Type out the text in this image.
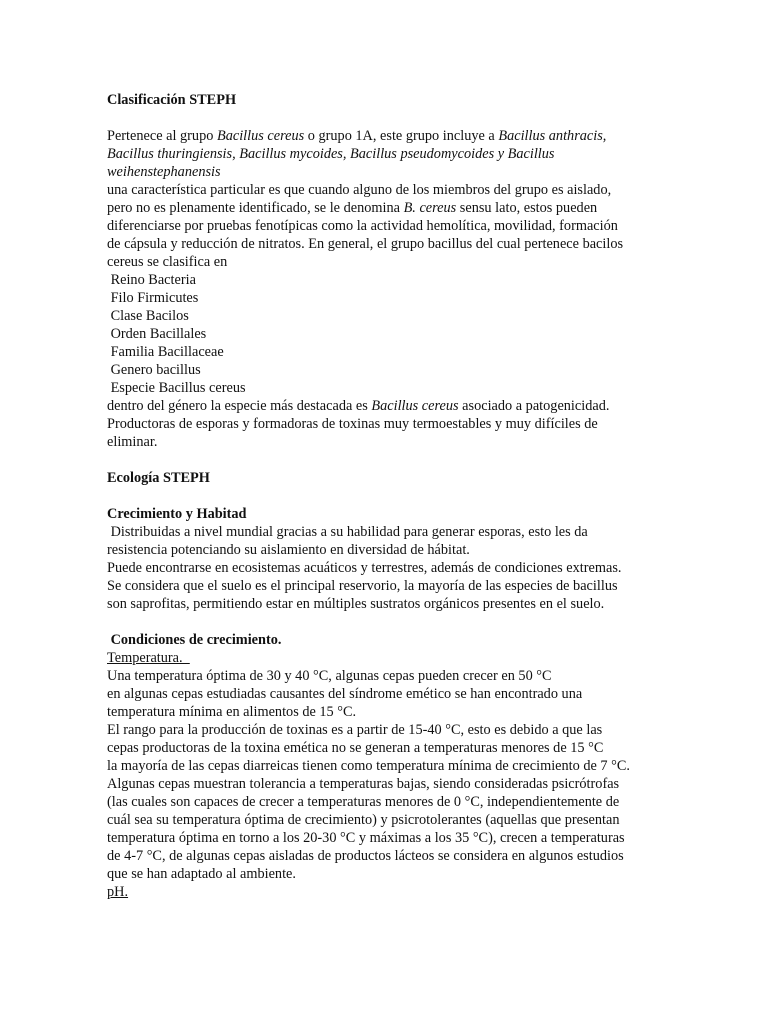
Clasificación STEPH
Pertenece al grupo Bacillus cereus o grupo 1A, este grupo incluye a Bacillus anthracis,
Bacillus thuringiensis, Bacillus mycoides, Bacillus pseudomycoides y Bacillus
weihenstephanensis
una característica particular es que cuando alguno de los miembros del grupo es aislado,
pero no es plenamente identificado, se le denomina B. cereus sensu lato, estos pueden
diferenciarse por pruebas fenotípicas como la actividad hemolítica, movilidad, formación
de cápsula y reducción de nitratos. En general, el grupo bacillus del cual pertenece bacilos
cereus se clasifica en
Reino Bacteria
Filo Firmicutes
Clase Bacilos
Orden Bacillales
Familia Bacillaceae
Genero bacillus
Especie Bacillus cereus
dentro del género la especie más destacada es Bacillus cereus asociado a patogenicidad.
Productoras de esporas y formadoras de toxinas muy termoestables y muy difíciles de
eliminar.
Ecología STEPH
Crecimiento y Habitad
Distribuidas a nivel mundial gracias a su habilidad para generar esporas, esto les da
resistencia potenciando su aislamiento en diversidad de hábitat.
Puede encontrarse en ecosistemas acuáticos y terrestres, además de condiciones extremas.
Se considera que el suelo es el principal reservorio, la mayoría de las especies de bacillus
son saprofitas, permitiendo estar en múltiples sustratos orgánicos presentes en el suelo.
Condiciones de crecimiento.
Temperatura.
Una temperatura óptima de 30 y 40 °C, algunas cepas pueden crecer en 50 °C
en algunas cepas estudiadas causantes del síndrome emético se han encontrado una
temperatura mínima en alimentos de 15 °C.
El rango para la producción de toxinas es a partir de 15-40 °C, esto es debido a que las
cepas productoras de la toxina emética no se generan a temperaturas menores de 15 °C
la mayoría de las cepas diarreicas tienen como temperatura mínima de crecimiento de 7 °C.
Algunas cepas muestran tolerancia a temperaturas bajas, siendo consideradas psicrótrofas
(las cuales son capaces de crecer a temperaturas menores de 0 °C, independientemente de
cuál sea su temperatura óptima de crecimiento) y psicrotolerantes (aquellas que presentan
temperatura óptima en torno a los 20-30 °C y máximas a los 35 °C), crecen a temperaturas
de 4-7 °C, de algunas cepas aisladas de productos lácteos se considera en algunos estudios
que se han adaptado al ambiente.
pH.
